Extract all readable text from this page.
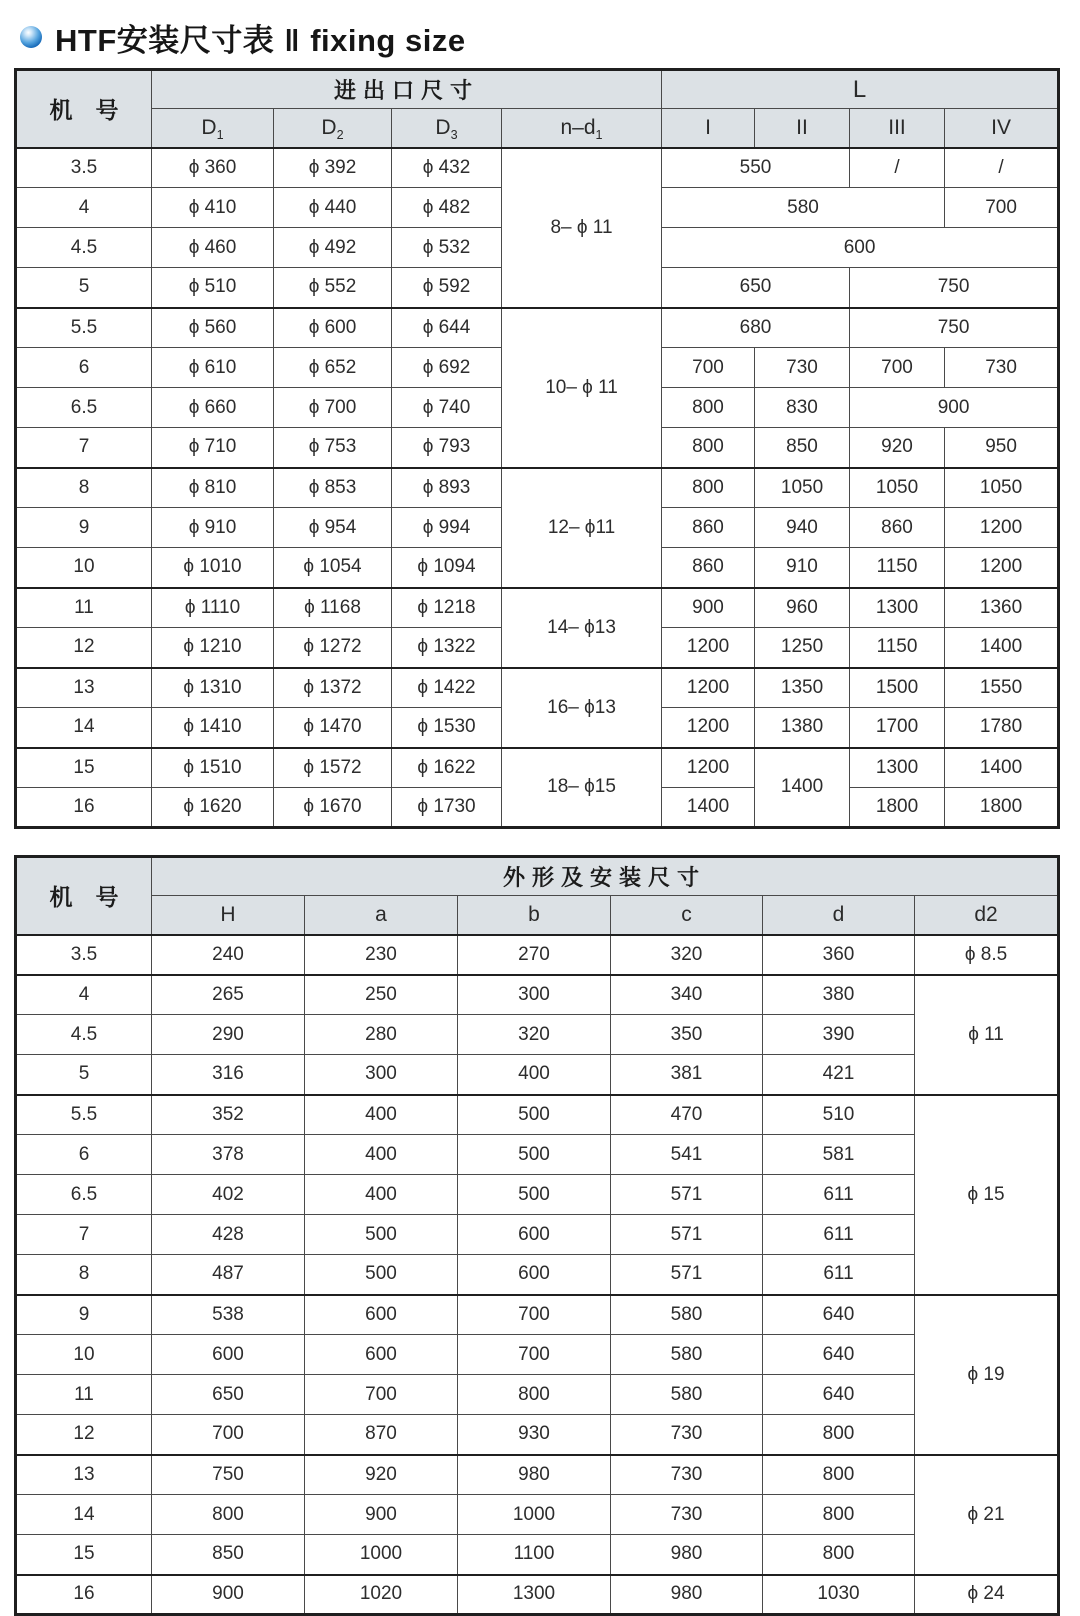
HTF安装尺寸表 ‖ fixing size
机　号	进出口尺寸				L			
	$D_1$	$D_2$	$D_3$	$n-d_1$	I	II	III	IV
3.5	ϕ 360	ϕ 392	ϕ 432	8– ϕ 11	550		/	/
4	ϕ 410	ϕ 440	ϕ 482		580			700
4.5	ϕ 460	ϕ 492	ϕ 532		600			
5	ϕ 510	ϕ 552	ϕ 592		650		750	
5.5	ϕ 560	ϕ 600	ϕ 644	10– ϕ 11	680		750	
6	ϕ 610	ϕ 652	ϕ 692		700	730	700	730
6.5	ϕ 660	ϕ 700	ϕ 740		800	830	900	
7	ϕ 710	ϕ 753	ϕ 793		800	850	920	950
8	ϕ 810	ϕ 853	ϕ 893	12– ϕ11	800	1050	1050	1050
9	ϕ 910	ϕ 954	ϕ 994		860	940	860	1200
10	ϕ 1010	ϕ 1054	ϕ 1094		860	910	1150	1200
11	ϕ 1110	ϕ 1168	ϕ 1218	14– ϕ13	900	960	1300	1360
12	ϕ 1210	ϕ 1272	ϕ 1322		1200	1250	1150	1400
13	ϕ 1310	ϕ 1372	ϕ 1422	16– ϕ13	1200	1350	1500	1550
14	ϕ 1410	ϕ 1470	ϕ 1530		1200	1380	1700	1780
15	ϕ 1510	ϕ 1572	ϕ 1622	18– ϕ15	1200	1400	1300	1400
16	ϕ 1620	ϕ 1670	ϕ 1730		1400		1800	1800
机　号	外形及安装尺寸					
	H	a	b	c	d	d2
3.5	240	230	270	320	360	ϕ 8.5
4	265	250	300	340	380	ϕ 11
4.5	290	280	320	350	390	
5	316	300	400	381	421	
5.5	352	400	500	470	510	ϕ 15
6	378	400	500	541	581	
6.5	402	400	500	571	611	
7	428	500	600	571	611	
8	487	500	600	571	611	
9	538	600	700	580	640	ϕ 19
10	600	600	700	580	640	
11	650	700	800	580	640	
12	700	870	930	730	800	
13	750	920	980	730	800	ϕ 21
14	800	900	1000	730	800	
15	850	1000	1100	980	800	
16	900	1020	1300	980	1030	ϕ 24
